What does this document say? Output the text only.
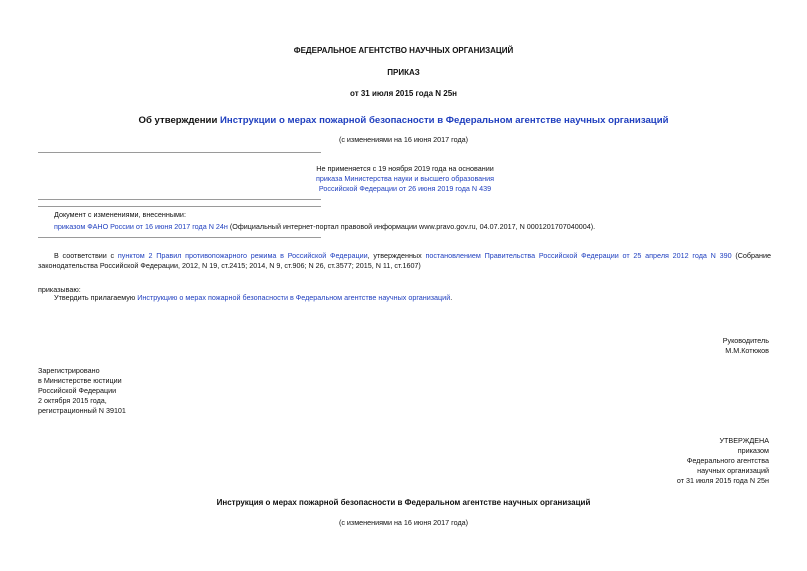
ФЕДЕРАЛЬНОЕ АГЕНТСТВО НАУЧНЫХ ОРГАНИЗАЦИЙ
ПРИКАЗ
от 31 июля 2015 года N 25н
Об утверждении Инструкции о мерах пожарной безопасности в Федеральном агентстве научных организаций
(с изменениями на 16 июня 2017 года)
Не применяется с 19 ноября 2019 года на основании
приказа Министерства науки и высшего образования
Российской Федерации от 26 июня 2019 года N 439
Документ с изменениями, внесенными:
приказом ФАНО России от 16 июня 2017 года N 24н (Официальный интернет-портал правовой информации www.pravo.gov.ru, 04.07.2017, N 0001201707040004).
В соответствии с пунктом 2 Правил противопожарного режима в Российской Федерации, утвержденных постановлением Правительства Российской Федерации от 25 апреля 2012 года N 390 (Собрание законодательства Российской Федерации, 2012, N 19, ст.2415; 2014, N 9, ст.906; N 26, ст.3577; 2015, N 11, ст.1607)
приказываю:
Утвердить прилагаемую Инструкцию о мерах пожарной безопасности в Федеральном агентстве научных организаций.
Руководитель
М.М.Котюков
Зарегистрировано
в Министерстве юстиции
Российской Федерации
2 октября 2015 года,
регистрационный N 39101
УТВЕРЖДЕНА
приказом
Федерального агентства
научных организаций
от 31 июля 2015 года N 25н
Инструкция о мерах пожарной безопасности в Федеральном агентстве научных организаций
(с изменениями на 16 июня 2017 года)
